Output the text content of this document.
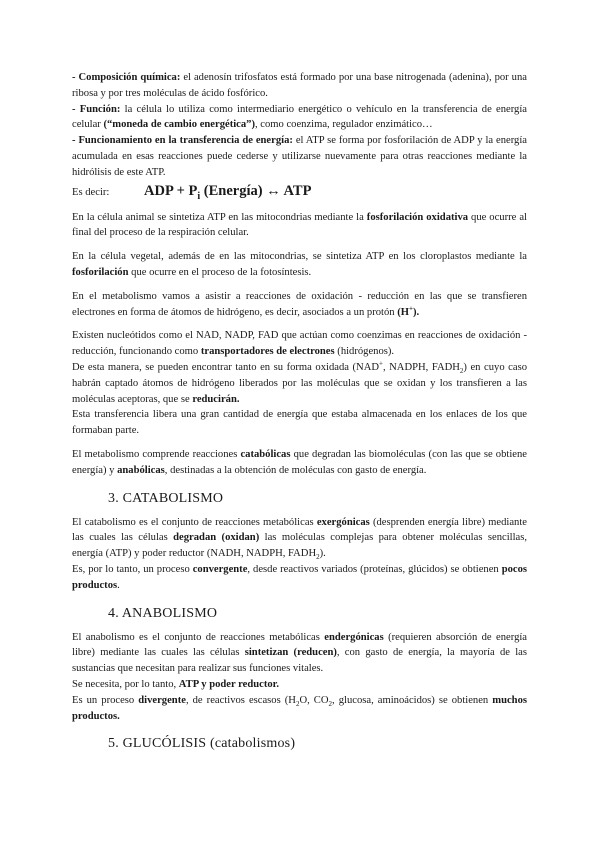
- Composición química: el adenosín trifosfatos está formado por una base nitrogenada (adenina), por una ribosa y por tres moléculas de ácido fosfórico.

- Función: la célula lo utiliza como intermediario energético o vehículo en la transferencia de energía celular (“moneda de cambio energética”), como coenzima, regulador enzimático…

- Funcionamiento en la transferencia de energía: el ATP se forma por fosforilación de ADP y la energía acumulada en esas reacciones puede cederse y utilizarse nuevamente para otras reacciones mediante la hidrólisis de este ATP.

Es decir:	ADP + $P_i$ (Energía) ↔ ATP

En la célula animal se sintetiza ATP en las mitocondrias mediante la fosforilación oxidativa que ocurre al final del proceso de la respiración celular.

En la célula vegetal, además de en las mitocondrias, se sintetiza ATP en los cloroplastos mediante la fosforilación que ocurre en el proceso de la fotosíntesis.

En el metabolismo vamos a asistir a reacciones de oxidación - reducción en las que se transfieren electrones en forma de átomos de hidrógeno, es decir, asociados a un protón (H+).

Existen nucleótidos como el NAD, NADP, FAD que actúan como coenzimas en reacciones de oxidación - reducción, funcionando como transportadores de electrones (hidrógenos).

De esta manera, se pueden encontrar tanto en su forma oxidada (NAD+, NADPH, $FADH_2$) en cuyo caso habrán captado átomos de hidrógeno liberados por las moléculas que se oxidan y los transfieren a las moléculas aceptoras, que se reducirán.

Esta transferencia libera una gran cantidad de energía que estaba almacenada en los enlaces de los que formaban parte.

El metabolismo comprende reacciones catabólicas que degradan las biomoléculas (con las que se obtiene energía) y anabólicas, destinadas a la obtención de moléculas con gasto de energía.

3. CATABOLISMO

El catabolismo es el conjunto de reacciones metabólicas exergónicas (desprenden energía libre) mediante las cuales las células degradan (oxidan) las moléculas complejas para obtener moléculas sencillas, energía (ATP) y poder reductor (NADH, NADPH, $FADH_2$).

Es, por lo tanto, un proceso convergente, desde reactivos variados (proteínas, glúcidos) se obtienen pocos productos.

4. ANABOLISMO

El anabolismo es el conjunto de reacciones metabólicas endergónicas (requieren absorción de energía libre) mediante las cuales las células sintetizan (reducen), con gasto de energía, la mayoría de las sustancias que necesitan para realizar sus funciones vitales.

Se necesita, por lo tanto, ATP y poder reductor.

Es un proceso divergente, de reactivos escasos ($H_2O$, $CO_2$, glucosa, aminoácidos) se obtienen muchos productos.

5. GLUCÓLISIS (catabolismos)
